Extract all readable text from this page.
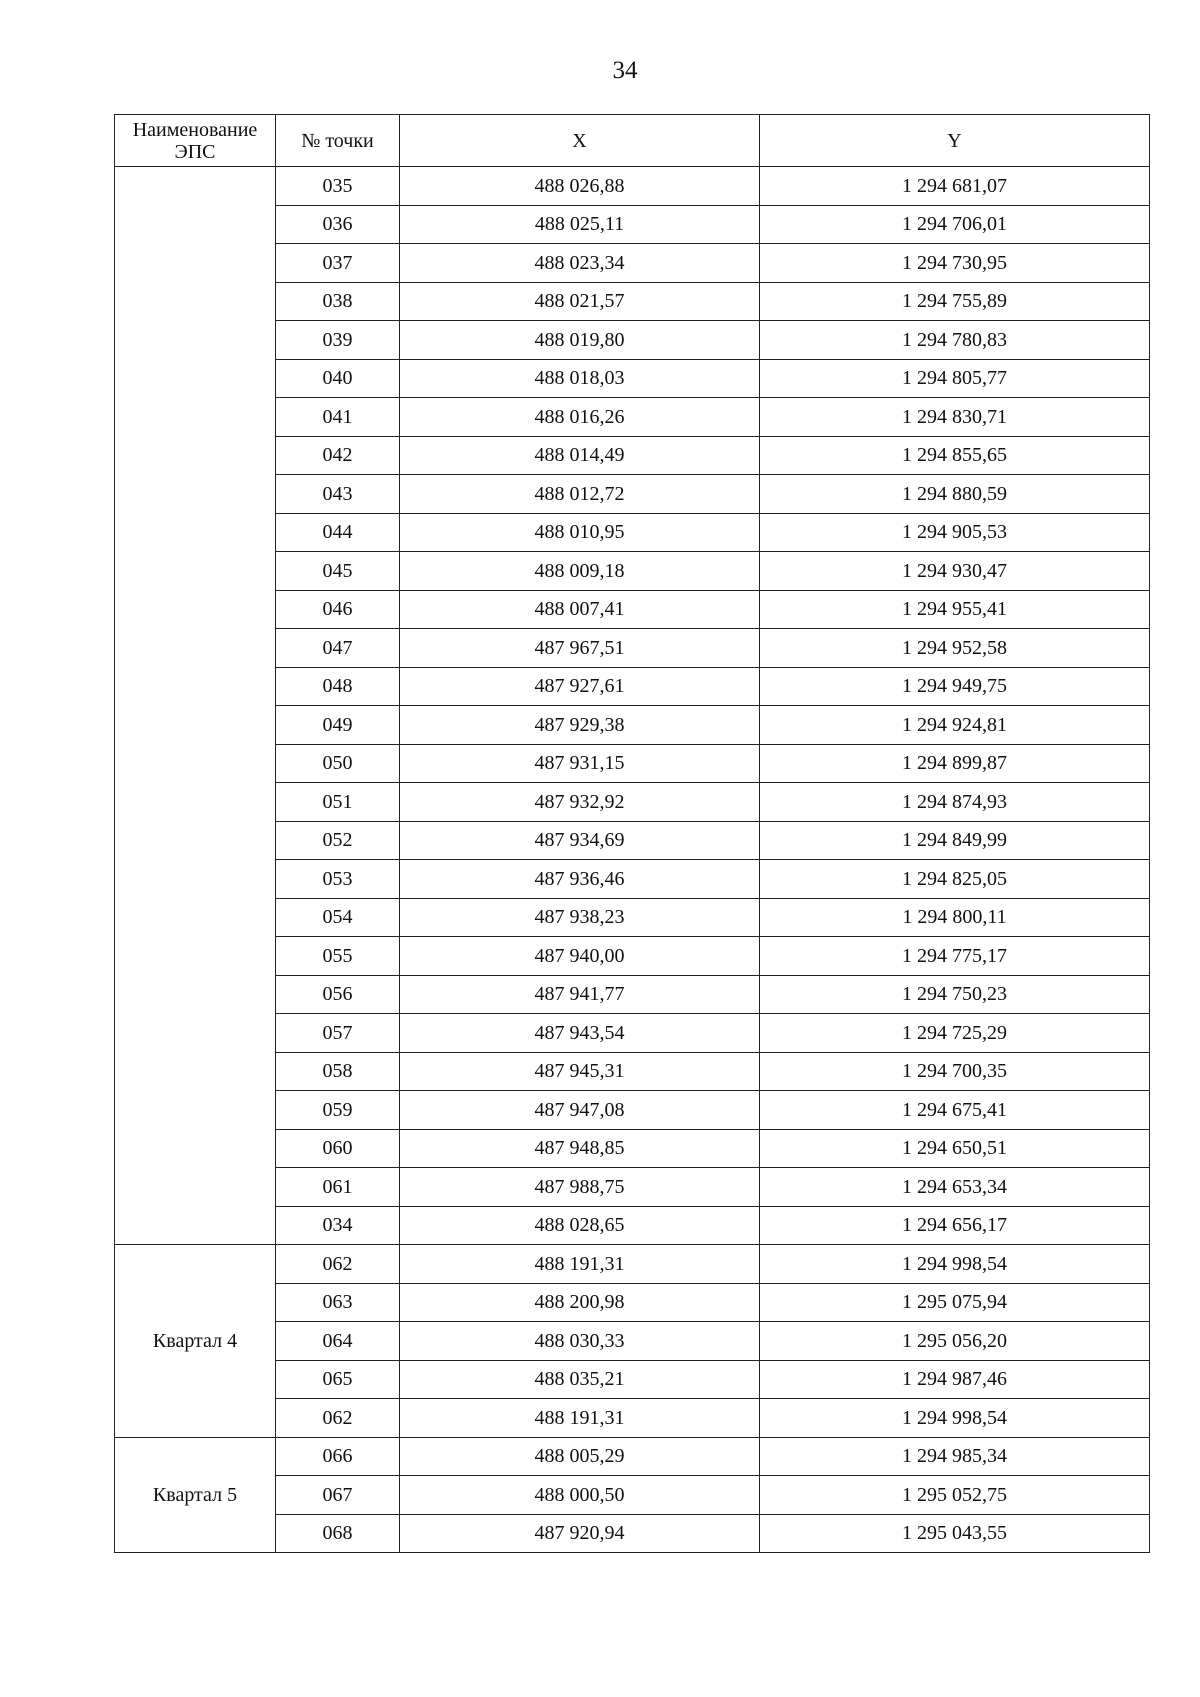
34
Наименование ЭПС	№ точки	X	Y
	035	488 026,88	1 294 681,07
	036	488 025,11	1 294 706,01
	037	488 023,34	1 294 730,95
	038	488 021,57	1 294 755,89
	039	488 019,80	1 294 780,83
	040	488 018,03	1 294 805,77
	041	488 016,26	1 294 830,71
	042	488 014,49	1 294 855,65
	043	488 012,72	1 294 880,59
	044	488 010,95	1 294 905,53
	045	488 009,18	1 294 930,47
	046	488 007,41	1 294 955,41
	047	487 967,51	1 294 952,58
	048	487 927,61	1 294 949,75
	049	487 929,38	1 294 924,81
	050	487 931,15	1 294 899,87
	051	487 932,92	1 294 874,93
	052	487 934,69	1 294 849,99
	053	487 936,46	1 294 825,05
	054	487 938,23	1 294 800,11
	055	487 940,00	1 294 775,17
	056	487 941,77	1 294 750,23
	057	487 943,54	1 294 725,29
	058	487 945,31	1 294 700,35
	059	487 947,08	1 294 675,41
	060	487 948,85	1 294 650,51
	061	487 988,75	1 294 653,34
	034	488 028,65	1 294 656,17
Квартал 4	062	488 191,31	1 294 998,54
	063	488 200,98	1 295 075,94
	064	488 030,33	1 295 056,20
	065	488 035,21	1 294 987,46
	062	488 191,31	1 294 998,54
Квартал 5	066	488 005,29	1 294 985,34
	067	488 000,50	1 295 052,75
	068	487 920,94	1 295 043,55
